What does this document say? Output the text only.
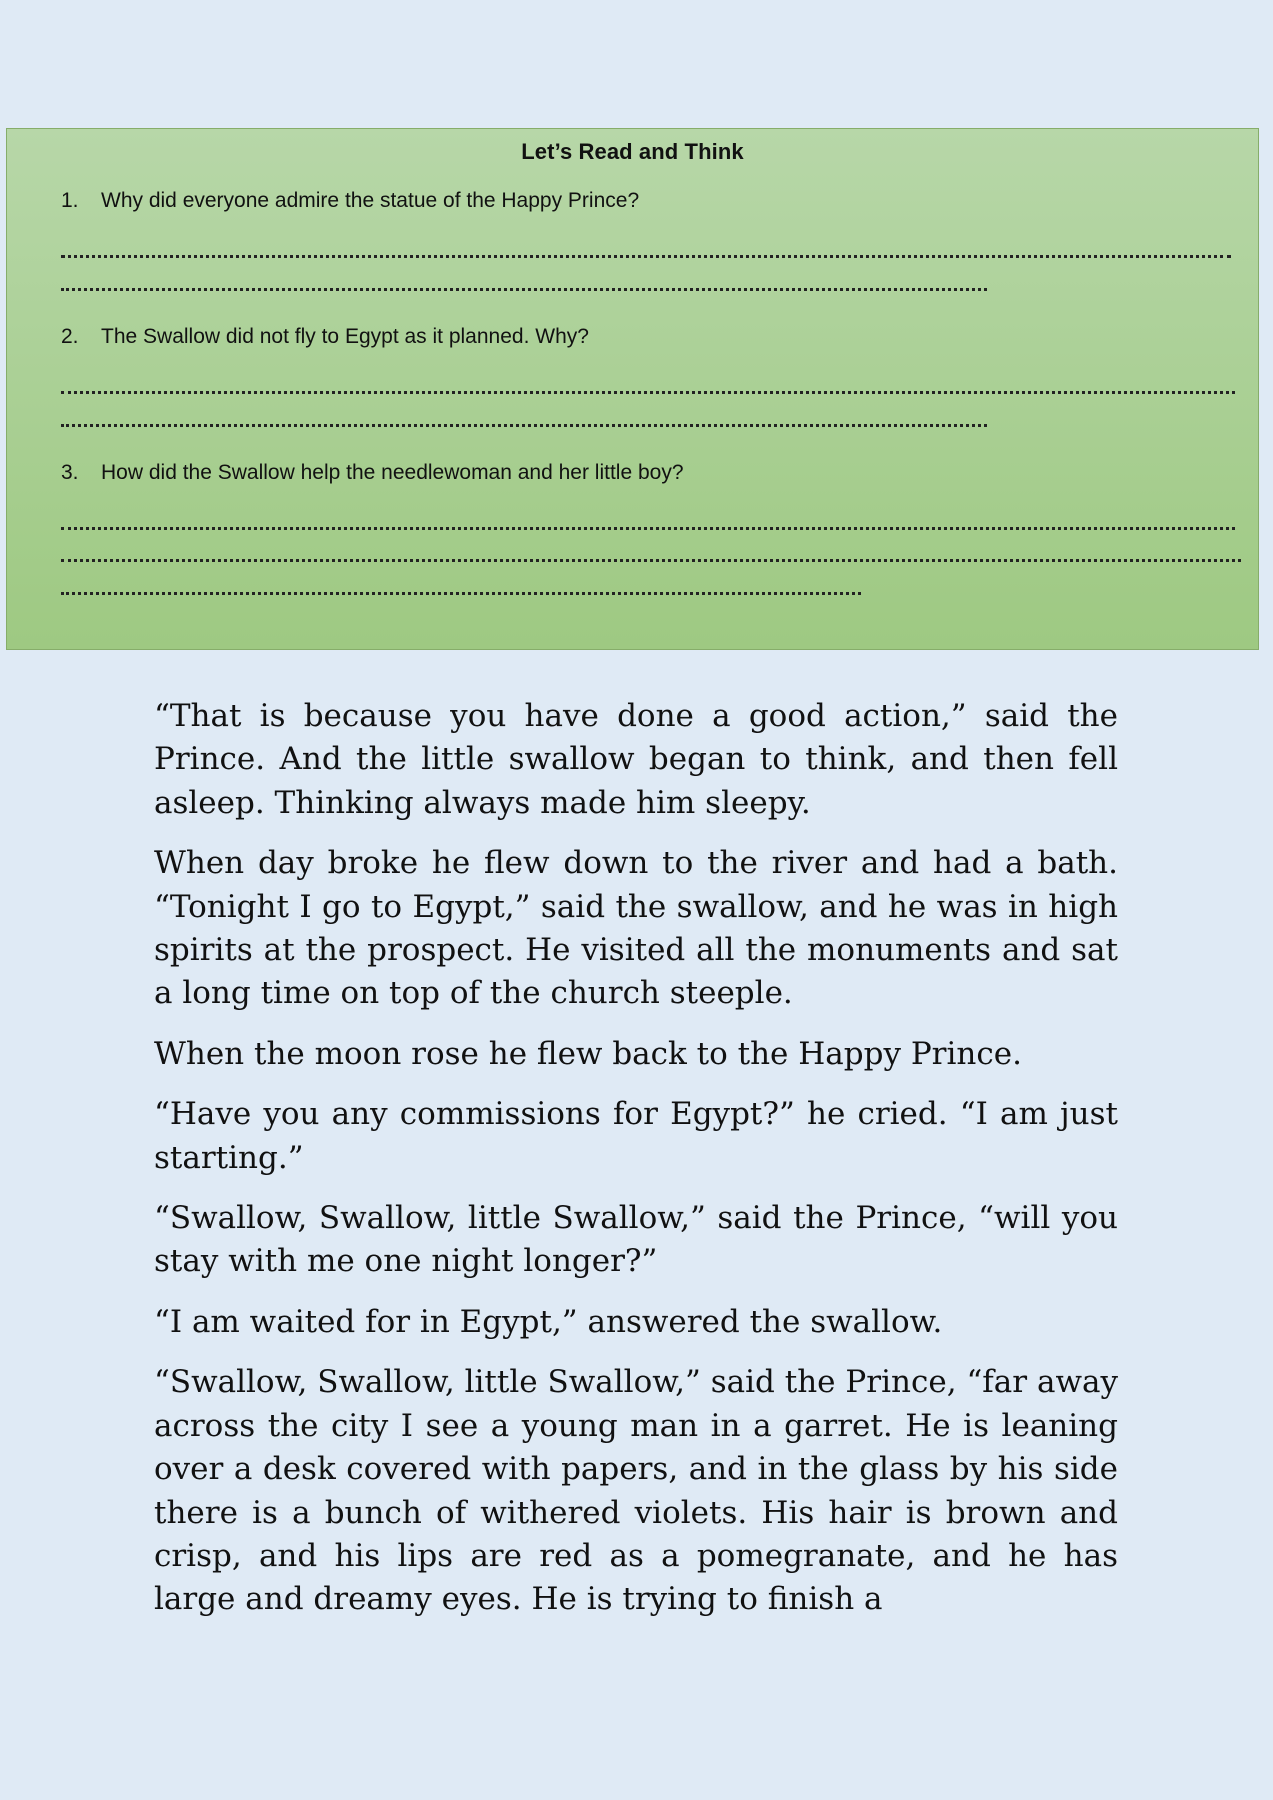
Let’s Read and Think
1. Why did everyone admire the statue of the Happy Prince?
2. The Swallow did not fly to Egypt as it planned. Why?
3. How did the Swallow help the needlewoman and her little boy?

“That is because you have done a good action,” said the Prince. And the little swallow began to think, and then fell asleep. Thinking always made him sleepy.

When day broke he flew down to the river and had a bath. “Tonight I go to Egypt,” said the swallow, and he was in high spirits at the prospect. He visited all the monuments and sat a long time on top of the church steeple.

When the moon rose he flew back to the Happy Prince.

“Have you any commissions for Egypt?” he cried. “I am just starting.”

“Swallow, Swallow, little Swallow,” said the Prince, “will you stay with me one night longer?”

“I am waited for in Egypt,” answered the swallow.

“Swallow, Swallow, little Swallow,” said the Prince, “far away across the city I see a young man in a garret. He is leaning over a desk covered with papers, and in the glass by his side there is a bunch of withered violets. His hair is brown and crisp, and his lips are red as a pomegranate, and he has large and dreamy eyes. He is trying to finish a
